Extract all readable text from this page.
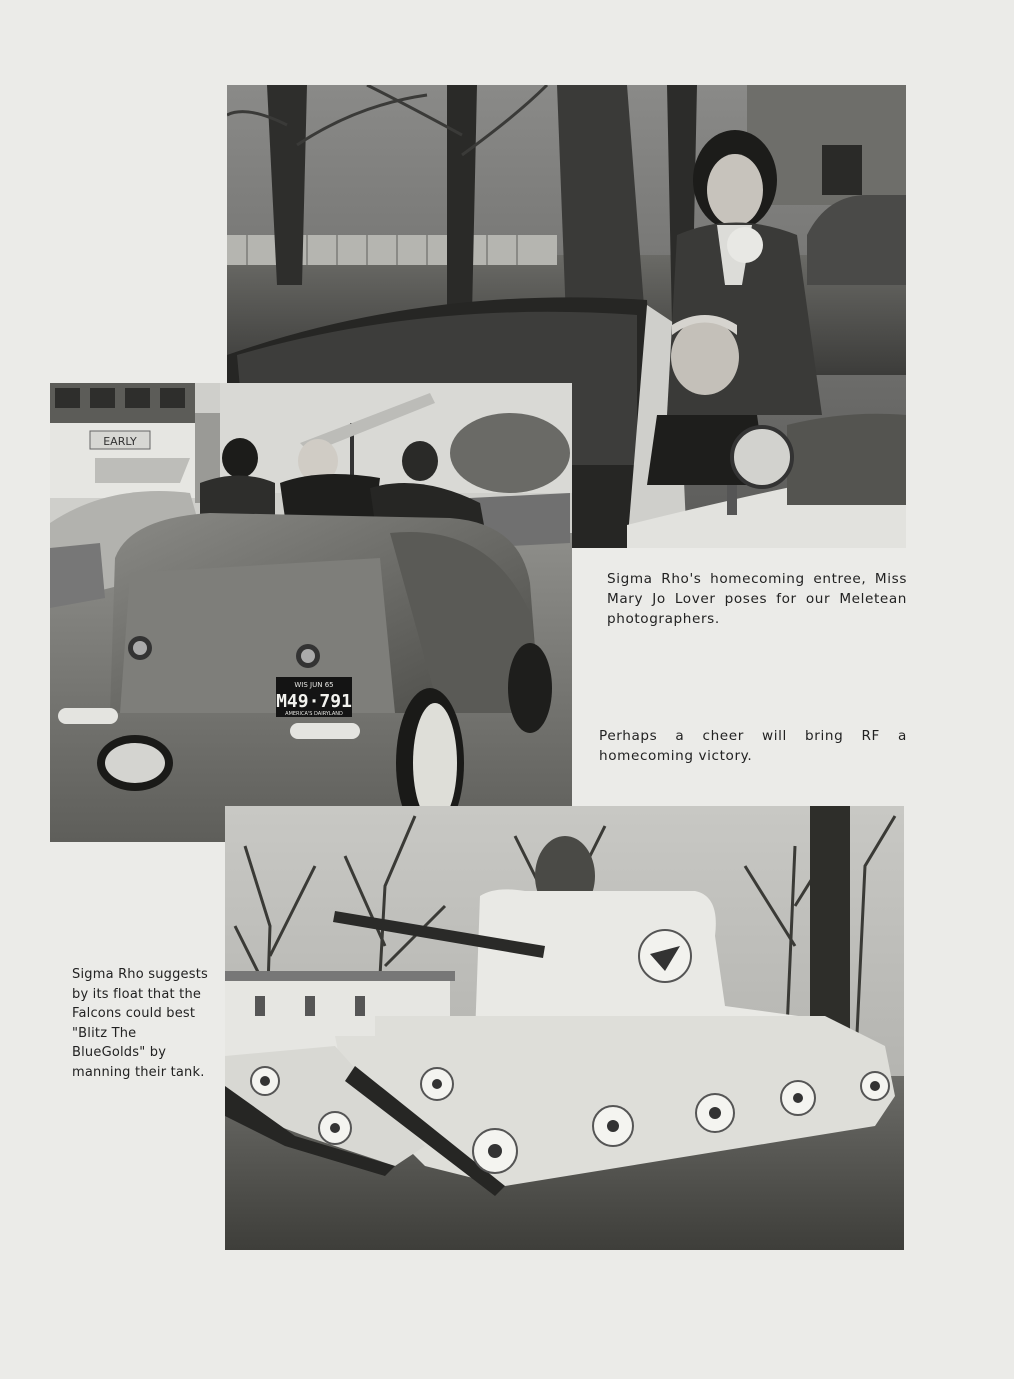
EARLY
WIS JUN 65
M49·791
AMERICA'S DAIRYLAND

Sigma Rho's homecoming entree, Miss Mary Jo Lover poses for our Meletean photographers.

Perhaps a cheer will bring RF a homecoming victory.

Sigma Rho suggests by its float that the Falcons could best "Blitz The BlueGolds" by manning their tank.
